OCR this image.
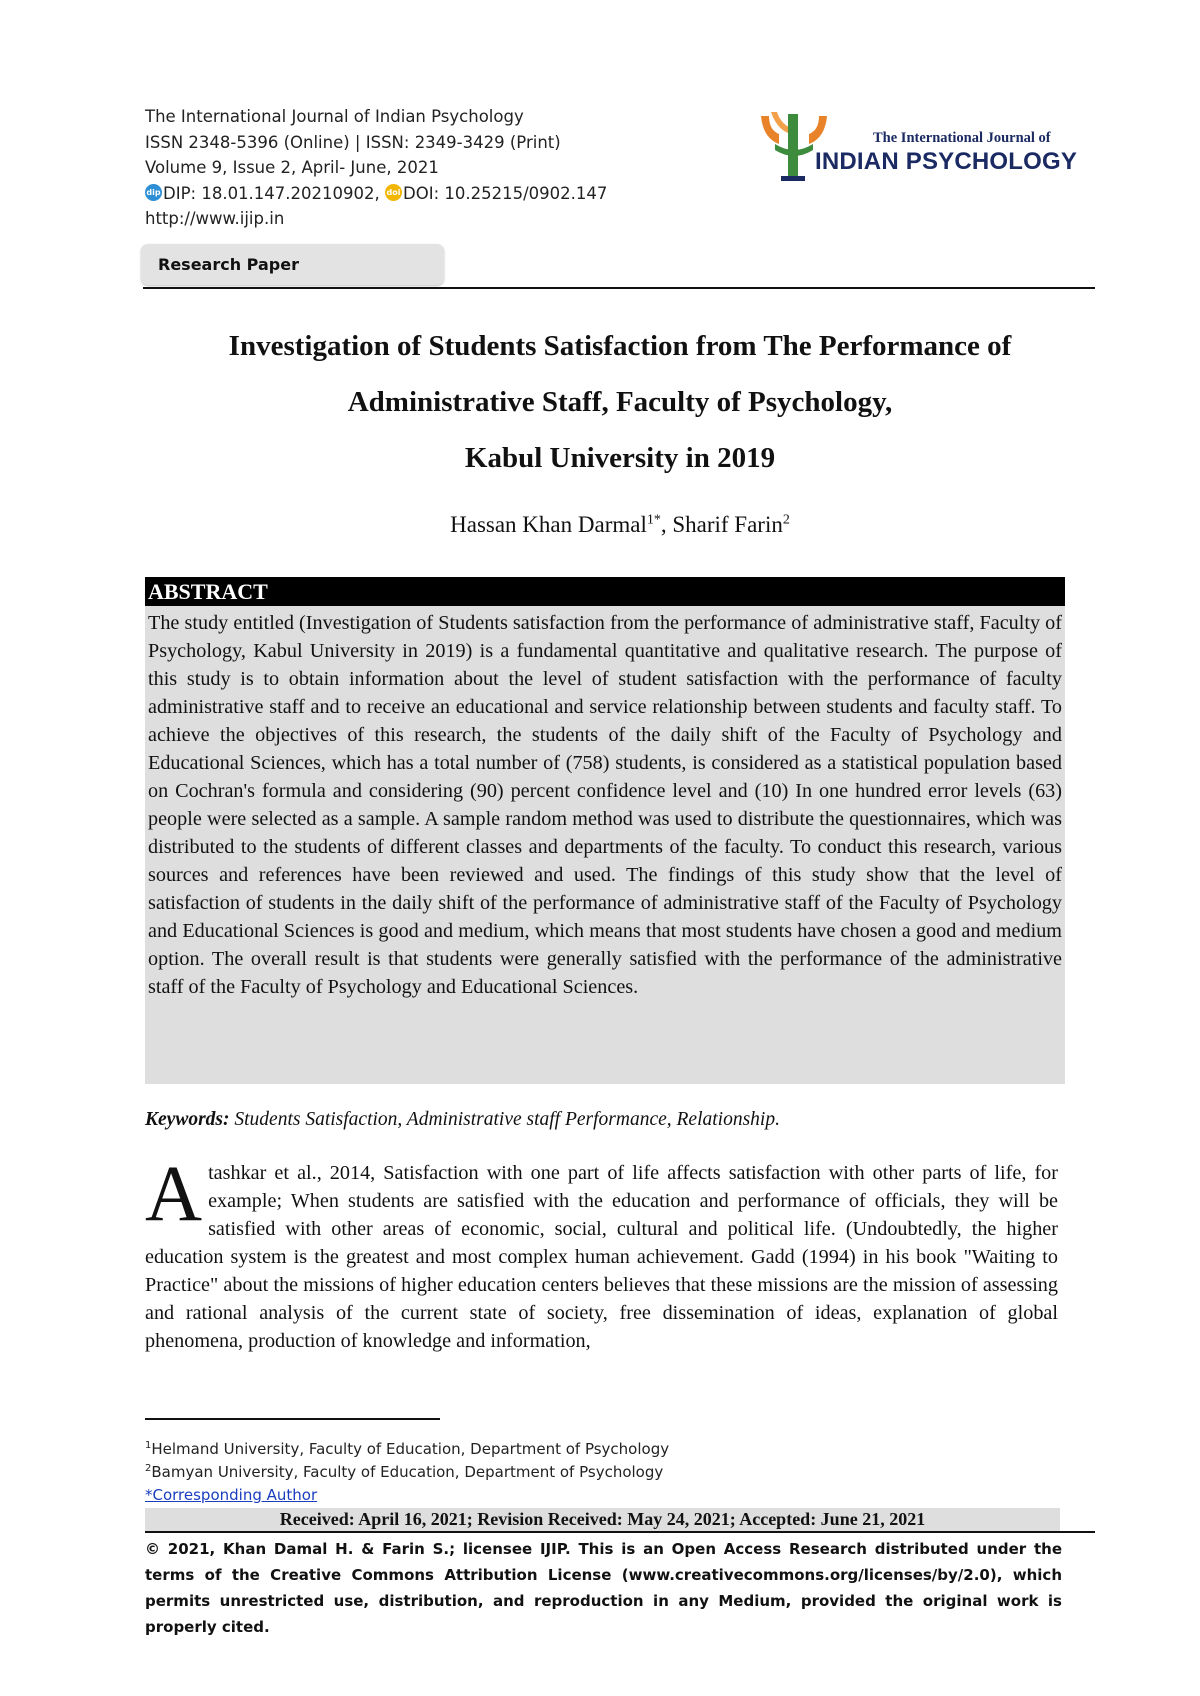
The International Journal of Indian Psychology
ISSN 2348-5396 (Online) | ISSN: 2349-3429 (Print)
Volume 9, Issue 2, April- June, 2021
dip DIP: 18.01.147.20210902, doi DOI: 10.25215/0902.147
http://www.ijip.in
The International Journal of
INDIAN PSYCHOLOGY
Research Paper
Investigation of Students Satisfaction from The Performance of
Administrative Staff, Faculty of Psychology,
Kabul University in 2019
Hassan Khan Darmal$^{1*}$, Sharif Farin$^2$
ABSTRACT
The study entitled (Investigation of Students satisfaction from the performance of administrative staff, Faculty of Psychology, Kabul University in 2019) is a fundamental quantitative and qualitative research. The purpose of this study is to obtain information about the level of student satisfaction with the performance of faculty administrative staff and to receive an educational and service relationship between students and faculty staff. To achieve the objectives of this research, the students of the daily shift of the Faculty of Psychology and Educational Sciences, which has a total number of (758) students, is considered as a statistical population based on Cochran's formula and considering (90) percent confidence level and (10) In one hundred error levels (63) people were selected as a sample. A sample random method was used to distribute the questionnaires, which was distributed to the students of different classes and departments of the faculty. To conduct this research, various sources and references have been reviewed and used. The findings of this study show that the level of satisfaction of students in the daily shift of the performance of administrative staff of the Faculty of Psychology and Educational Sciences is good and medium, which means that most students have chosen a good and medium option. The overall result is that students were generally satisfied with the performance of the administrative staff of the Faculty of Psychology and Educational Sciences.
Keywords: Students Satisfaction, Administrative staff Performance, Relationship.
Atashkar et al., 2014, Satisfaction with one part of life affects satisfaction with other parts of life, for example; When students are satisfied with the education and performance of officials, they will be satisfied with other areas of economic, social, cultural and political life. (Undoubtedly, the higher education system is the greatest and most complex human achievement. Gadd (1994) in his book "Waiting to Practice" about the missions of higher education centers believes that these missions are the mission of assessing and rational analysis of the current state of society, free dissemination of ideas, explanation of global phenomena, production of knowledge and information,
$^1$Helmand University, Faculty of Education, Department of Psychology
$^2$Bamyan University, Faculty of Education, Department of Psychology
*Corresponding Author
Received: April 16, 2021; Revision Received: May 24, 2021; Accepted: June 21, 2021
© 2021, Khan Damal H. & Farin S.; licensee IJIP. This is an Open Access Research distributed under the terms of the Creative Commons Attribution License (www.creativecommons.org/licenses/by/2.0), which permits unrestricted use, distribution, and reproduction in any Medium, provided the original work is properly cited.
